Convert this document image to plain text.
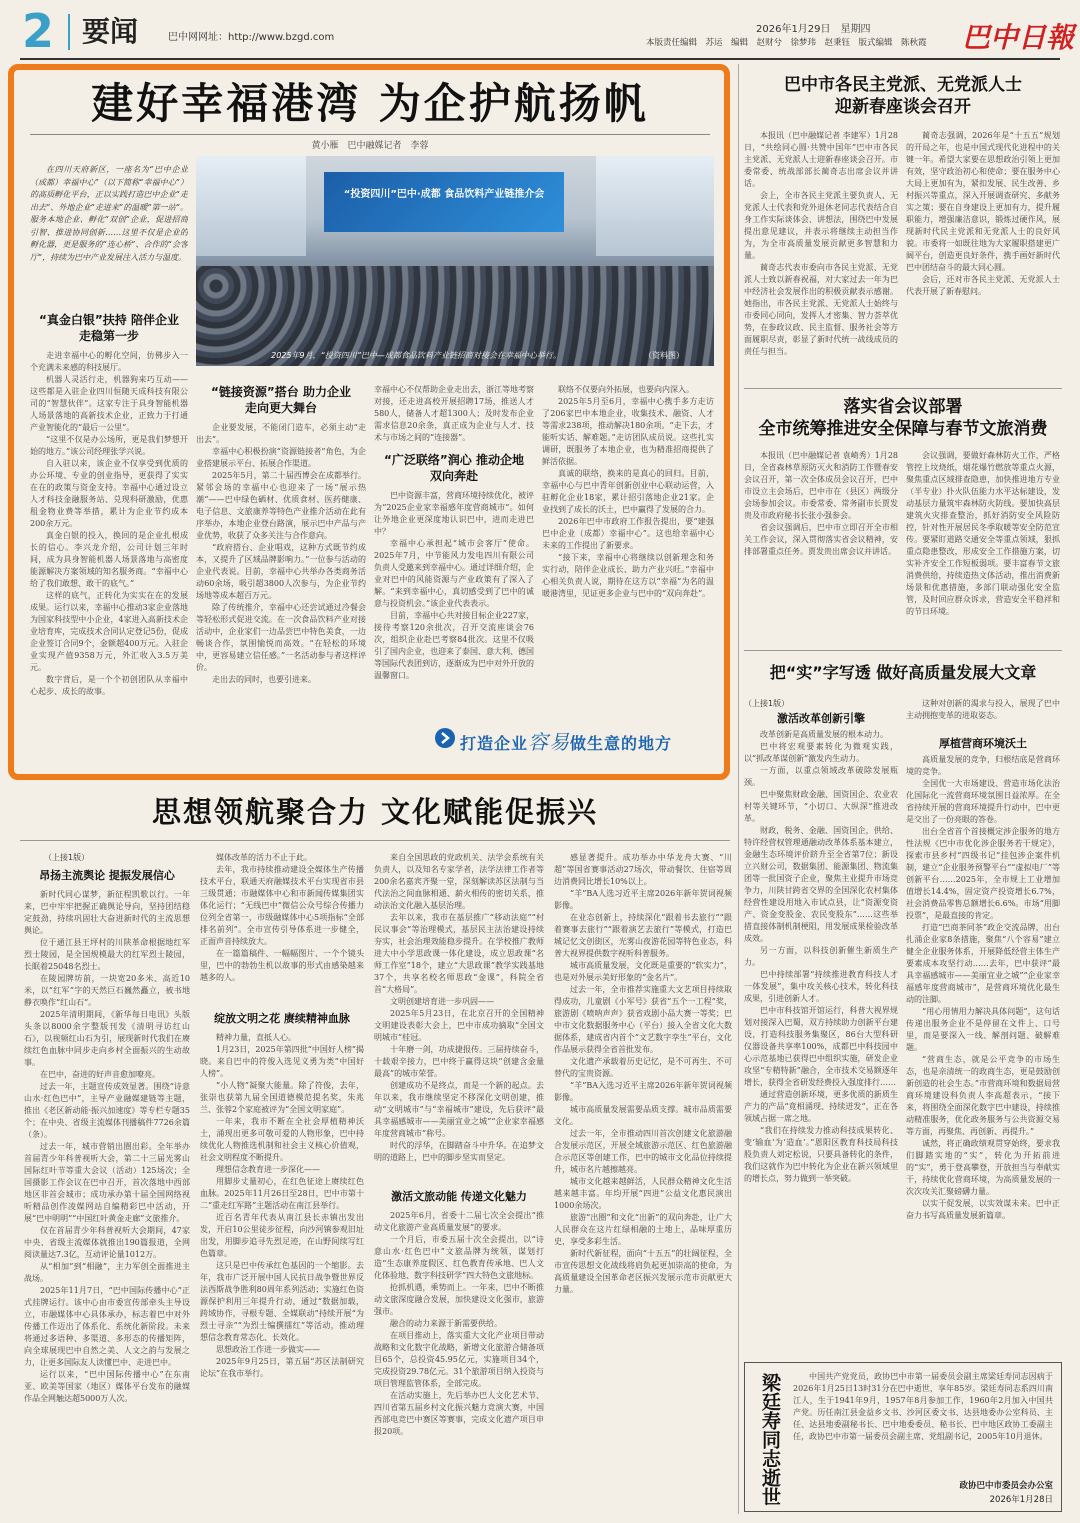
2 要闻	巴中网网址：http://www.bzgd.com
2026年1月29日　星期四
本版责任编辑　苏运　编辑　赵财兮　徐梦玮　赵秉钰　版式编辑　陈秋霞 巴中日報
建好幸福港湾 为企护航扬帆
黄小雁　巴中融媒记者　李蓉
在四川天府新区，一座名为“巴中企业（成都）幸福中心”（以下简称“幸福中心”）的高质孵化平台，正以实践打造巴中企业“走出去”、外地企业“走进来”的温暖“第一站”。服务本地企业、孵化“双创”企业，促进招商引智、推进协同创新……这里不仅是企业的孵化器，更是服务的“连心桥”、合作的“会客厅”，持续为巴中产业发展注入活力与温度。
“投资四川”巴中·成都 食品饮料产业链推介会
2025年9月，“投资四川”巴中—成都食品饮料产业链招商对接会在幸福中心举行。	（资料图）
“真金白银”扶持 陪伴企业走稳第一步

走进幸福中心的孵化空间，仿佛步入一个充满未来感的科技展厅。

机器人灵活行走，机器狗来巧互动——这些都是入驻企业四川恒随天成科技有限公司的“智慧伙伴”。这家专注于具身智能机器人场景落地的高新技术企业，正致力于打通产业智能化的“最后一公里”。

“这里不仅是办公场所，更是我们梦想开始的地方。”该公司经理张学兴说。

自入驻以来，该企业不仅享受到优质的办公环境、专业的创业指导，更获得了实实在在的政策与资金支持。幸福中心通过设立人才科技金融服务站、兑现科研激励，优惠租金物业费等举措，累计为企业节约成本200余万元。

真金白银的投入，换回的是企业扎根成长的信心。李兴龙介绍，公司计划三年时间，成为具身智能机器人场景落地与高密度能源解决方案领域的知名服务商。“幸福中心给了我们敢想、敢干的底气。”

这样的底气，正转化为实实在在的发展成果。运行以来，幸福中心推动3家企业落地为国家科技型中小企业，4家进入高新技术企业培育库，完成技术合同认定登记5份，促成企业签订合同9个，金额超400万元。入驻企业实现产值9358万元，外汇收入3.5万美元。

数字背后，是一个个初创团队从幸福中心起步、成长的故事。

“链接资源”搭台 助力企业走向更大舞台

企业要发展，不能闭门造车，必须主动“走出去”。

幸福中心积极扮演“资源链接者”角色，为企业搭建展示平台、拓展合作渠道。

2025年5月，第二十届西博会在成都举行。紧邻会场的幸福中心也迎来了一场“展示热潮”——巴中绿色硒材、优质食材、医药健康、电子信息、文旅康养等特色产业推介活动在此有序举办，本地企业登台路演，展示巴中产品与产业优势，收获了众多关注与合作意向。

“政府搭台、企业唱戏，这种方式既节约成本，又提升了区域品牌影响力。”一位参与活动的企业代表说。目前，幸福中心共举办各类商务活动60余场，吸引超3800人次参与，为企业节约场地等成本超百万元。

除了传统推介，幸福中心还尝试通过冷餐会等轻松形式促进交流。在一次食品饮料产业对接活动中，企业家们一边品尝巴中特色美食，一边畅谈合作，氛围愉悦而高效。“在轻松的环境中，更容易建立信任感。”一名活动参与者这样评价。

走出去的同时，也要引进来。

幸福中心不仅帮助企业走出去，浙江等地考察对接，还走进高校开展招聘17场，推送人才580人，储备人才超1300人；及时发布企业需求信息20余条，真正成为企业与人才、技术与市场之间的“连接器”。

“广泛联络”润心 推动企地双向奔赴

巴中资源丰富，营商环境持续优化，被评为“2025企业家幸福感年度营商城市”。如何让外地企业更深度地认识巴中，进而走进巴中？

幸福中心承担起“城市会客厅”使命。2025年7月，中节能风力发电四川有限公司负责人受邀来到幸福中心。通过详细介绍，企业对巴中的风能资源与产业政策有了深入了解。“来到幸福中心，真切感受到了巴中的诚意与投资机会。”该企业代表表示。

目前，幸福中心共对接目标企业227家，接待考察120余批次，召开交流座谈会76次，组织企业赴巴考察84批次。这里不仅吸引了国内企业，也迎来了泰国、意大利、德国等国际代表团到访，逐渐成为巴中对外开放的温馨窗口。

联络不仅要向外拓展，也要向内深入。

2025年5月至6月，幸福中心携手多方走访了206家巴中本地企业，收集技术、融资、人才等需求238项，推动解决180余项。“走下去，才能听实话、解难题。”走访团队成员说。这些扎实调研，既服务了本地企业，也为精准招商提供了鲜活依据。

真诚的联络，换来的是真心的回归。目前，幸福中心与巴中青年创新创业中心联动运营，入驻孵化企业18家，累计招引落地企业21家。企业找到了成长的沃土，巴中赢得了发展的合力。

2026年巴中市政府工作报告提出，要“建强巴中企业（成都）幸福中心”。这也给幸福中心未来的工作提出了新要求。

“接下来，幸福中心将继续以创新理念和务实行动，陪伴企业成长、助力产业兴旺。”幸福中心相关负责人说，期待在这方以“幸福”为名的温暖港湾里，见证更多企业与巴中的“双向奔赴”。

打造企业容易做生意的地方
巴中市各民主党派、无党派人士
迎新春座谈会召开

本报讯（巴中融媒记者 李建军）1月28日，“共绘同心圆·共赞中国年”巴中市各民主党派、无党派人士迎新春座谈会召开。市委常委、统战部部长蔺奇志出席会议并讲话。

会上，全市各民主党派主要负责人、无党派人士代表和党外退休老同志代表结合自身工作实际谈体会、讲想法，围绕巴中发展提出意见建议，并表示将继续主动担当作为，为全市高质量发展贡献更多智慧和力量。

蔺奇志代表市委向市各民主党派、无党派人士致以新春祝福，对大家过去一年为巴中经济社会发展作出的积极贡献表示感谢。她指出，市各民主党派、无党派人士始终与市委同心同向，发挥人才密集、智力荟萃优势，在参政议政、民主监督、服务社会等方面履职尽责，彰显了新时代统一战线成员的责任与担当。

蔺奇志强调，2026年是“十五五”规划的开局之年，也是中国式现代化进程中的关键一年。希望大家要在思想政治引领上更加有效，坚守政治初心和使命；要在服务中心大局上更加有为，紧扣发展、民生改善、乡村振兴等重点，深入开展调查研究、多献务实之策；要在自身建设上更加有力，提升履职能力，增强廉洁意识，锻炼过硬作风，展现新时代民主党派和无党派人士的良好风貌。市委将一如既往地为大家履职搭建更广阔平台，创造更良好条件，携手画好新时代巴中团结奋斗的最大同心圆。

会后，还对市各民主党派、无党派人士代表开展了新春慰问。

落实省会议部署
全市统筹推进安全保障与春节文旅消费

本报讯（巴中融媒记者 袁崎秀）1月28日，全省森林草原防灭火和消防工作暨春安会议召开，第一次全体成员会议召开，巴中市设立主会场后，巴中市在（县区）两级分会场参加会议。市委常委、常务副市长贾发贵及市政府秘书长张小强参会。

省会议强调后，巴中市立即召开全市相关工作会议，深入贯彻落实省会议精神，安排部署重点任务。贾发贵出席会议并讲话。

会议强调，要做好森林防火工作，严格管控上坟烧纸，烟花爆竹燃放等重点火源，聚焦重点区域排查隐患，加快推进地方专业（半专业）扑火队伍能力水平达标建设，发动基层力量筑牢森林防火防线。要加快高层建筑火灾排查整治，抓好消防安全风险防控，针对性开展居民冬季取暖等安全防范宣传。要紧盯道路交通安全等重点领域，狠抓重点隐患整改，形成安全工作措施方案，切实补齐安全工作短板弱项。要丰富春节文旅消费供给，持续造热文体活动，推出消费新场景和优惠措施，多部门联动强化安全监管，及时回应群众诉求，营造安全平稳祥和的节日环境。

把“实”字写透 做好高质量发展大文章
（上接1版）
激活改革创新引擎

改革创新是高质量发展的根本动力。

巴中将宏观要素转化为微观实践，以“抓改革谋创新”激发内生动力。

一方面，以重点领域改革破除发展瓶颈。

巴中聚焦财政金融、国资国企、农业农村等关键环节，“小切口、大纵深”推进改革。

财政，税务、金融、国资国企，供给、特许经营权管理通融动改革体系基本建立，金融生态环境评价跻升至全省第7位；新设立兴财公司，数据集团、能源集团、物流集团等一批国资子企业，聚焦主业提升市场竞争力，川陕甘跨省交界的全国深化农村集体经营性建设用地入市试点县，让“资源变资产、资金变股金、农民变股东”……这些举措直接体制机制梗阻，用发展成果检验改革成效。

另一方面，以科技创新催生新质生产力。

巴中持续部署“持续推进教育科技人才一体发展”，集中攻关核心技术，转化科技成果，引进创新人才。

巴中市科技馆开馆运行，科普大视界规划对接深入巴蜀，双方持续助力创新平台建设，打造科技服务集聚区，86台大型科研仪器设备共享率100%，成都巴中科技园中心示范基地已获得巴中组织实施，研发企业攻坚“专精特新”融合，全市技术交易额逐年增长，获得全省研发经费投入强度排行……

通过营造创新环境，更多优质的新质生产力的产品“竟相涌现、持续迸发”，正在各领域占据一席之地。

“我们在持续发力推动科技成果转化、变‘输血’为‘造血’。”恩阳区教育科技局科技股负责人刘定松说，只要具备转化的条件，我们这就作为巴中转化为企业在新兴领域里的增长点，努力做到一举突破。

这种对创新的渴求与投入，展现了巴中主动拥抱变革的进取姿态。

厚植营商环境沃土

高质量发展的竞争，归根结底是营商环境的竞争。

全国优一大市场建设、营造市场化法治化国际化一流营商环境氛围日益浓厚。在全省持续开展的营商环境提升行动中，巴中更是交出了一份亮眼的答卷。

出台全省首个首接概定涉企服务的地方性法规《巴中市优化涉企服务若干规定》，探索市县乡村“四级书记”挂包涉企案件机制，建立“企业服务预警平台”“虚拟电厂”等创新平台……2025年，全市规上工业增加值增长14.4%，固定资产投资增长6.7%，社会消费品零售总额增长6.6%。市场“用脚投票”，是最直接的肯定。

打造“巴商茶同茶”政企交流品牌，出台扎涌企业家8条措施，聚焦“八个容易”建立健全企业服务体系，开展降低经营主体生产要素成本攻坚行动……去年，巴中获评“最具幸福感城市——美丽宜业之城”“企业家幸福感年度营商城市”，是营商环境优化最生动的注脚。

“用心用情用力解决具体问题”，这句话传递出服务企业不是停留在文件上、口号里，而是要深入一线、解剖问题、破解难题。

“营商生态，就是公平竞争的市场生态，也是亲清统一的政商生态，更是鼓励创新创造的社会生态。”市营商环境和数据局营商环境建设科负责人李高超表示，“接下来，将围绕全面深化数字巴中建设，持续推动精准服务，优化政务服务与公共资源交易等方面，再聚焦、再创新、再提升。”

诚然，将正确政绩观贯穿始终，要求我们脚踏实地的“实”，转化为开拓前进的“实”，勇于登高攀登，开放担当与奉献实干，持续优化营商环境，为高质量发展的一次次攻关汇聚磅礴力量。

以实干促发展，以实效谋未来。巴中正奋力书写高质量发展新篇章。

梁廷寿同志逝世	中国共产党党员，政协巴中市第一届委员会副主席梁廷寿同志因病于2026年1月25日13时31分在巴中逝世，享年85岁。梁廷寿同志系四川南江人，生于1941年9月，1957年8月参加工作，1960年2月加入中国共产党。历任南江县金益乡文书、沙河区委文书、达县地委办公室科员、主任、达县地委副秘书长、巴中地委委员、秘书长、巴中地区政协工委副主任，政协巴中市第一届委员会副主席、党组副书记，2005年10月退休。
政协巴中市委员会办公室
2026年1月28日
思想领航聚合力 文化赋能促振兴
（上接1版）
昂扬主流舆论 提振发展信心

新时代同心谋梦，新征程凯歌以行。一年来，巴中牢牢把握正确舆论导向，坚持团结稳定鼓劲，持续巩固壮大奋进新时代的主流思想舆论。

位于通江县王坪村的川陕革命根据地红军烈士陵园，是全国规模最大的红军烈士陵园，长眠着25048名烈士。

在陵园牌坊前，一块宽20多米、高近10米，以“红军”字的天然巨石巍然矗立，被书地静衣唤作“红山石”。

2025年清明期间，《新华每日电讯》头版头条以8000余字整版刊发《清明寻访红山石》，以视频红山石为引，展现新时代我们在赓续红色血脉中同步走向乡村全面振兴的生动故事。

在巴中，奋进的好声音愈加嘹亮。

过去一年，主题宣传成效显著。围绕“诗意山水·红色巴中”，主导产业融媒建链等主题，推出《老区新动能·振兴加速度》等专栏专题35个；在中央、省级主流媒体刊播稿件7726余篇（条）。

过去一年，城市营销出圈出彩。全年举办首届青少年科普视听大会，第二十三届光雾山国际红叶节等重大会议（活动）125场次；全国摄影工作会议在巴中召开，首次落地中西部地区非首会城市；成功承办第十届全国网络视听精品创作凌媒网站自编精彩巴中活动，开展“巴中明明”“中国红叶黄金走廊”文旅推介。

仅在首届青少年科普视听大会期间，47家中央、省级主流媒体就推出190篇报道，全网阅读量达7.3亿，互动评论量1012万。

从“相加”到“相融”，主力军创全面推进主战场。

2025年11月7日，“巴中国际传播中心”正式挂牌运行。该中心由市委宣传部牵头主导设立，市融媒体中心具体承办，标志着巴中对外传播工作迈出了体系化、系统化新阶段。未来将通过多语种、多渠道、多形态的传播矩阵，向全球展现巴中自然之美、人文之韵与发展之力，让更多国际友人读懂巴中、走进巴中。

运行以来，“巴中国际传播中心”在东南亚、欧美等国家（地区）媒体平台发布的融媒作品全网触达超5000万人次。

媒体改革的活力不止于此。

去年，我市持续推动建设全媒体生产传播技术平台，联通天府融媒技术平台实现省市县三级贯通；市融媒体中心和市新闻传媒集团实体化运行；“无线巴中”微信公众号综合传播力位列全省第一，市级融媒体中心5项指标“全部排名前列”。全市宣传引导体系进一步健全，正面声音持续放大。

在一篇篇稿件、一幅幅图片、一个个镜头里，巴中的勃勃生机以故事的形式由感染越来越多的人。

绽放文明之花 赓续精神血脉

精神力量，直抵人心。

1月23日，2025年第四批“中国好人榜”揭晓。来自巴中的符俊入选见义勇为类“中国好人榜”。

“小人物”凝聚大能量。除了符俊，去年，张崇也获第九届全国道德模范提名奖，朱兆兰、张蓉2个家庭被评为“全国文明家庭”。

一年来，我市不断在全社会厚植精神沃土，涌现出更多可敬可爱的人物形象，巴中持续优化人物推选机制和社会主义核心价值观，社会文明程度不断提升。

理想信念教育进一步深化——

用脚步丈量初心，在红色征途上赓续红色血脉。2025年11月26日至28日，巴中市第十二“重走红军路”主题活动在南江县举行。

近百名青年代表从南江县长赤镇出发出发，开启10公里徒步征程，向沙河镇参观旧址出发，用脚步追寻先烈足迹，在山野间续写红色篇章。

这只是巴中传承红色基因的一个缩影。去年，我市广泛开展中国人民抗日战争暨世界反法西斯战争胜利80周年系列活动；实施红色资源保护利用三年提升行动，通过“数据加载，跨域协作，寻根专题、全媒联动”持续开展“为烈士寻亲”“为烈士编撰擂红”等活动，推动理想信念教育常态化、长效化。

思想政治工作进一步做实——

2025年9月25日，第五届“苏区法制研究论坛”在我市举行。

来自全国思政的党政机关、法学会系统有关负责人，以及知名专家学者，法学法律工作者等200余名嘉宾齐聚一堂，深刻解读苏区法制与当代法治之间血脉相通、薪火相传的密切关系，推动法治文化融入基层治理。

去年以来，我市在基层推广“移动法庭”“村民议事会”等治理模式，基层民主法治建设持续夯实，社会治理效能稳步提升。在学校推广教师进大中小学思政课一体化建设，成立思政课“名师工作室”18个，建立“大思政课”教学实践基地37个，共享名校名师思政“金课”，科院全省首“大格局”。

文明创建培育进一步巩固——

2025年5月23日，在北京召开的全国精神文明建设表彰大会上，巴中市成功摘取“全国文明城市”桂冠。

十年磨一剑，功成捷报传。三届持续奋斗，十载艰辛接力，巴中终于赢得这块“创建含金量最高”的城市荣誉。

创建成功不是终点，而是一个新的起点。去年以来，我市继续坚定不移深化文明创建，推动“文明城市”与“幸福城市”建设，先后获评“最具幸福感城市——美丽宜业之城”“企业家幸福感年度营商城市”称号。

时代的浮华，在脚踏奋斗中升华。在追梦文明的道路上，巴中的脚步坚实而坚定。

激活文旅动能 传递文化魅力

2025年6月，省委十二届七次全会提出“推动文化旅游产业高质量发展”的要求。

一个月后，市委五届十次全会提出，以“诗意山水·红色巴中”文旅品牌为统领，谋划打造“生态康养度假区、红色教育传承地、巴人文化体验地、数字科技研学”四大特色文旅地标。

抢抓机遇，乘势而上。一年来，巴中不断推动文旅深度融合发展，加快建设文化强市，旅游强市。

融合的动力来源于新需要供给。

在项目推动上，落实重大文化产业项目带动战略和文化数字化战略，新增文化旅游合储备项目65个，总投资45.95亿元，实施项目34个，完成投资29.78亿元。31个旅游项目纳入投资与项目管理监管体系，全部完成。

在活动实施上，先后举办巴人文化艺术节、四川省第五届乡村文化振兴魅力竞演大赛，中国西部电竞巴中赛区等赛事，完成文化遗产项目申报20项。

感显著提升。成功举办中华龙舟大赛、“川超”等国省赛事活动27场次，带动餐饮、住宿等周边消费同比增长10%以上。

“羊”BA人选习近平主席2026年新年贺词视频影像。

在业态创新上，持续深化“跟着书去旅行”“跟着赛事去旅行”“跟着演艺去旅行”等模式，打造巴城记忆文创街区，光雾山夜游花园等特色业态，科普大视界提供数字视听科普服务。

城市高质量发展，文化既是重要的“软实力”，也是对外展示美好形象的“金名片”。

过去一年，全市推荐实施重大文艺项目持续取得成功，儿童剧《小军号》获省“五个一工程”奖，旅游剧《喷呐声声》获省戏剧小品大赛一等奖；巴中市文化数据服务中心（平台）接入全省文化大数据体系，建成省内首个“文艺数字孪生”平台，文化作品展示获得全省首批发布。

文化遗产承载着历史记忆，是不可再生、不可替代的宝贵资源。

“羊”BA入选习近平主席2026年新年贺词视频影像。

城市高质量发展需要品质支撑。城市品质需要文化。

过去一年，全市推动四川首次创建文化旅游融合发展示范区，开展全域旅游示范区、红色旅游融合示范区等创建工作，巴中的城市文化品位持续提升，城市名片越擦越亮。

城市文化越来越鲜活，人民群众精神文化生活越来越丰富。年均开展“四进”公益文化惠民演出1000余场次。

旅游“出圈”和文化“出新”的双向奔赴，让广大人民群众在这片红绿相融的土地上，品味厚重历史，享受多彩生活。

新时代新征程，面向“十五五”的壮阔征程，全市宣传思想文化战线将肩负起更加崇高的使命，为高质量建设全国革命老区振兴发展示范市贡献更大力量。
